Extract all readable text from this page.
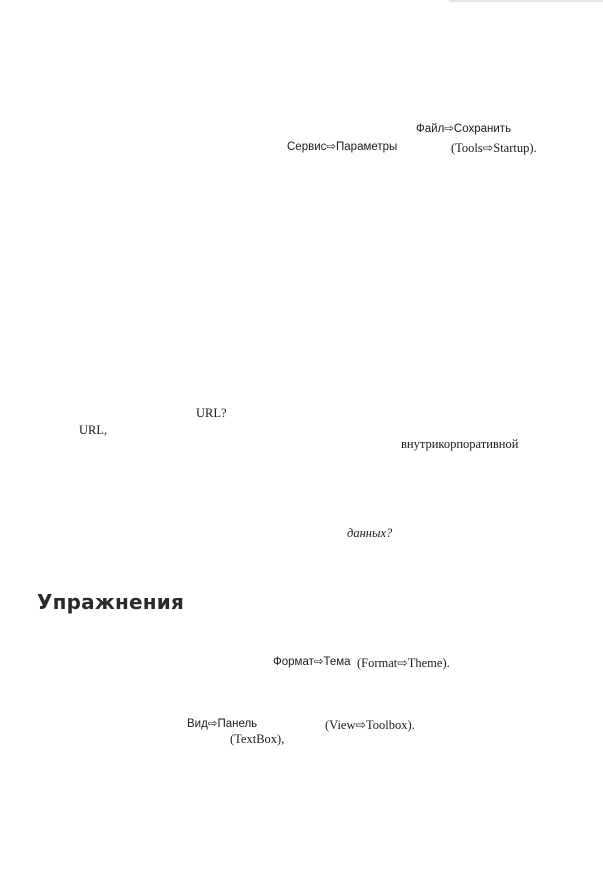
Файл⇨Сохранить
Сервис⇨Параметры	(Tools⇨Startup).
URL?
URL,
внутрикорпоративной
данных?
Упражнения
Формат⇨Тема (Format⇨Theme).
Вид⇨Панель	(View⇨Toolbox).
(TextBox),
